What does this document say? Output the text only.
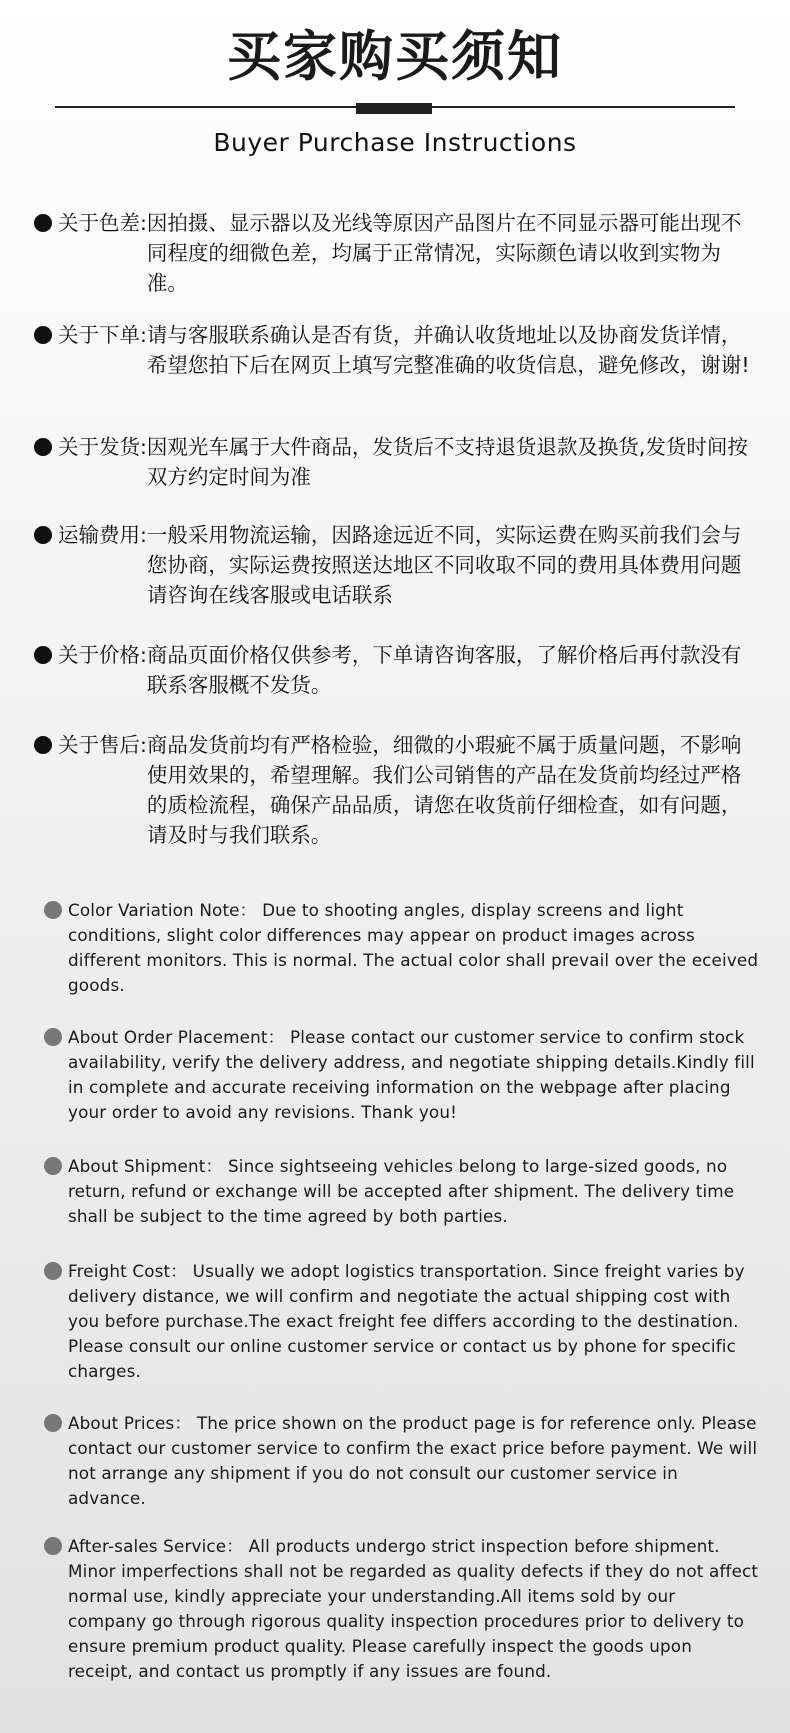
买家购买须知
Buyer Purchase Instructions
关于色差: 因拍摄、显示器以及光线等原因产品图片在不同显示器可能出现不同程度的细微色差，均属于正常情况，实际颜色请以收到实物为准。
关于下单: 请与客服联系确认是否有货，并确认收货地址以及协商发货详情，希望您拍下后在网页上填写完整准确的收货信息，避免修改，谢谢!
关于发货: 因观光车属于大件商品，发货后不支持退货退款及换货,发货时间按双方约定时间为准
运输费用: 一般采用物流运输，因路途远近不同，实际运费在购买前我们会与您协商，实际运费按照送达地区不同收取不同的费用具体费用问题请咨询在线客服或电话联系
关于价格: 商品页面价格仅供参考，下单请咨询客服，了解价格后再付款没有联系客服概不发货。
关于售后: 商品发货前均有严格检验，细微的小瑕疵不属于质量问题，不影响使用效果的，希望理解。我们公司销售的产品在发货前均经过严格的质检流程，确保产品品质，请您在收货前仔细检查，如有问题，请及时与我们联系。
Color Variation Note： Due to shooting angles, display screens and light conditions, slight color differences may appear on product images across different monitors. This is normal. The actual color shall prevail over the eceived goods.
About Order Placement： Please contact our customer service to confirm stock availability, verify the delivery address, and negotiate shipping details.Kindly fill in complete and accurate receiving information on the webpage after placing your order to avoid any revisions. Thank you!
About Shipment： Since sightseeing vehicles belong to large-sized goods, no return, refund or exchange will be accepted after shipment. The delivery time shall be subject to the time agreed by both parties.
Freight Cost： Usually we adopt logistics transportation. Since freight varies by delivery distance, we will confirm and negotiate the actual shipping cost with you before purchase.The exact freight fee differs according to the destination. Please consult our online customer service or contact us by phone for specific charges.
About Prices： The price shown on the product page is for reference only. Please contact our customer service to confirm the exact price before payment. We will not arrange any shipment if you do not consult our customer service in advance.
After-sales Service： All products undergo strict inspection before shipment. Minor imperfections shall not be regarded as quality defects if they do not affect normal use, kindly appreciate your understanding.All items sold by our company go through rigorous quality inspection procedures prior to delivery to ensure premium product quality. Please carefully inspect the goods upon receipt, and contact us promptly if any issues are found.
